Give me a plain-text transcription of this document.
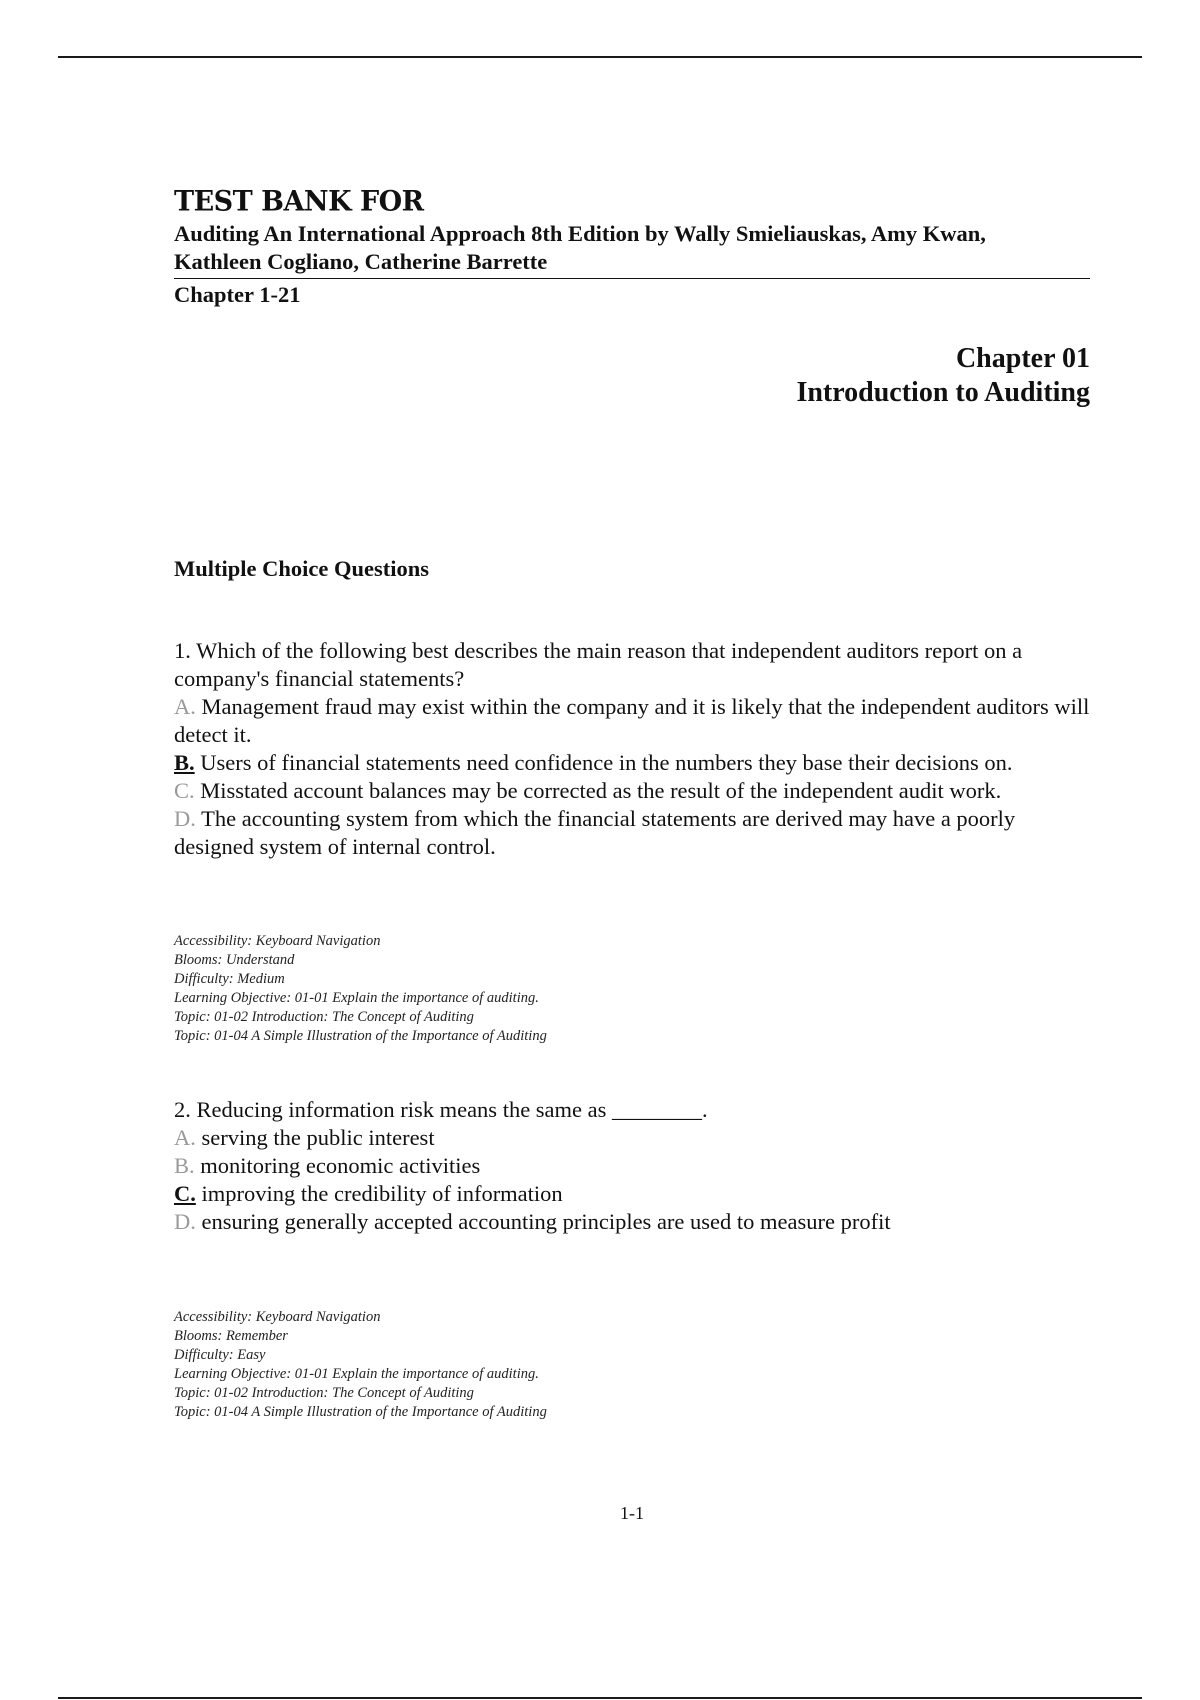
TEST BANK FOR
Auditing An International Approach 8th Edition by Wally Smieliauskas, Amy Kwan,
Kathleen Cogliano, Catherine Barrette
Chapter 1-21
Chapter 01
Introduction to Auditing
Multiple Choice Questions

1. Which of the following best describes the main reason that independent auditors report on a company's financial statements?

A. Management fraud may exist within the company and it is likely that the independent auditors will detect it.

B. Users of financial statements need confidence in the numbers they base their decisions on.

C. Misstated account balances may be corrected as the result of the independent audit work.

D. The accounting system from which the financial statements are derived may have a poorly designed system of internal control.

Accessibility: Keyboard Navigation
Blooms: Understand
Difficulty: Medium
Learning Objective: 01-01 Explain the importance of auditing.
Topic: 01-02 Introduction: The Concept of Auditing
Topic: 01-04 A Simple Illustration of the Importance of Auditing

2. Reducing information risk means the same as ________.

A. serving the public interest

B. monitoring economic activities

C. improving the credibility of information

D. ensuring generally accepted accounting principles are used to measure profit

Accessibility: Keyboard Navigation
Blooms: Remember
Difficulty: Easy
Learning Objective: 01-01 Explain the importance of auditing.
Topic: 01-02 Introduction: The Concept of Auditing
Topic: 01-04 A Simple Illustration of the Importance of Auditing
1-1
